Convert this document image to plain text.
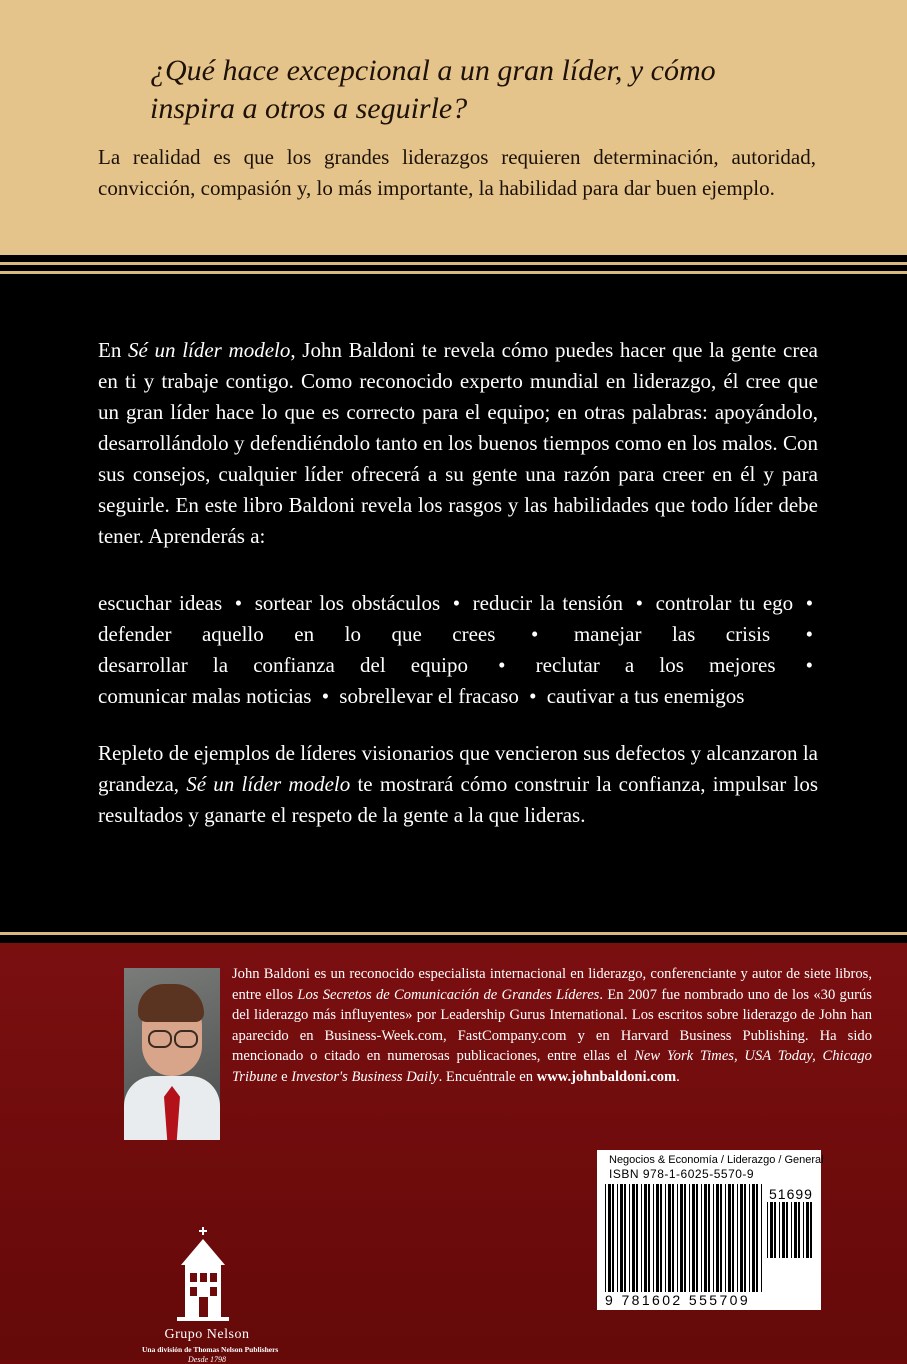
¿Qué hace excepcional a un gran líder, y cómo inspira a otros a seguirle?
La realidad es que los grandes liderazgos requieren determinación, autoridad, convicción, compasión y, lo más importante, la habilidad para dar buen ejemplo.
En Sé un líder modelo, John Baldoni te revela cómo puedes hacer que la gente crea en ti y trabaje contigo. Como reconocido experto mundial en liderazgo, él cree que un gran líder hace lo que es correcto para el equipo; en otras palabras: apoyándolo, desarrollándolo y defendiéndolo tanto en los buenos tiempos como en los malos. Con sus consejos, cualquier líder ofrecerá a su gente una razón para creer en él y para seguirle. En este libro Baldoni revela los rasgos y las habilidades que todo líder debe tener. Aprenderás a:
escuchar ideas • sortear los obstáculos • reducir la tensión • controlar tu ego • defender aquello en lo que crees • manejar las crisis • desarrollar la confianza del equipo • reclutar a los mejores • comunicar malas noticias • sobrellevar el fracaso • cautivar a tus enemigos
Repleto de ejemplos de líderes visionarios que vencieron sus defectos y alcanzaron la grandeza, Sé un líder modelo te mostrará cómo construir la confianza, impulsar los resultados y ganarte el respeto de la gente a la que lideras.
John Baldoni es un reconocido especialista internacional en liderazgo, conferenciante y autor de siete libros, entre ellos Los Secretos de Comunicación de Grandes Líderes. En 2007 fue nombrado uno de los «30 gurús del liderazgo más influyentes» por Leadership Gurus International. Los escritos sobre liderazgo de John han aparecido en Business-Week.com, FastCompany.com y en Harvard Business Publishing. Ha sido mencionado o citado en numerosas publicaciones, entre ellas el New York Times, USA Today, Chicago Tribune e Investor's Business Daily. Encuéntrale en www.johnbaldoni.com.
Negocios & Economía / Liderazgo / General
ISBN 978-1-6025-5570-9
51699
9 781602 555709
Grupo Nelson
Una división de Thomas Nelson Publishers
Desde 1798
